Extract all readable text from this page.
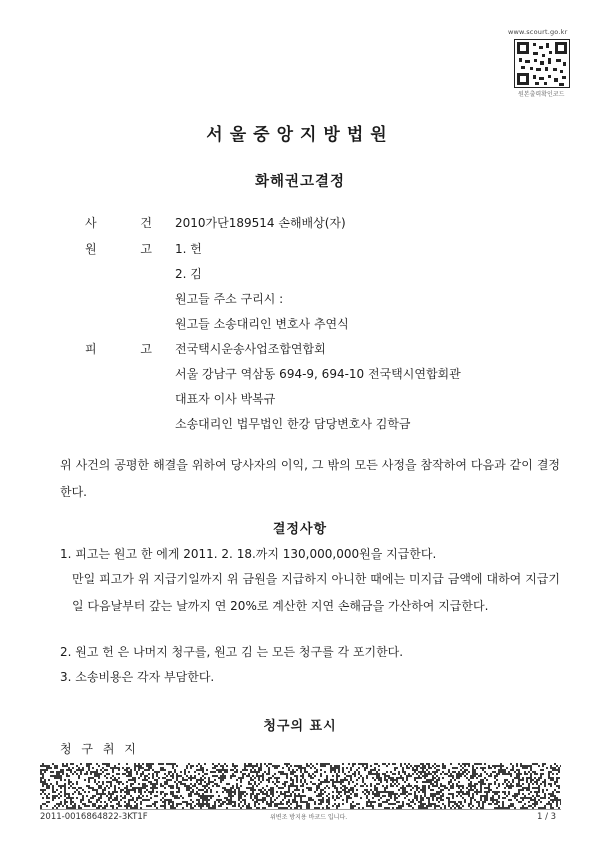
www.scourt.go.kr
원본출력확인코드
서울중앙지방법원
화해권고결정
사 건 2010가단189514 손해배상(자)
원 고 1. 헌
2. 김
원고들 주소 구리시 :
원고들 소송대리인 변호사 추연식
피 고 전국택시운송사업조합연합회
서울 강남구 역삼동 694-9, 694-10 전국택시연합회관
대표자 이사 박복규
소송대리인 법무법인 한강 담당변호사 김학금
위 사건의 공평한 해결을 위하여 당사자의 이익, 그 밖의 모든 사정을 참작하여 다음과 같이 결정한다.
결정사항
1. 피고는 원고 한 에게 2011. 2. 18.까지 130,000,000원을 지급한다.
만일 피고가 위 지급기일까지 위 금원을 지급하지 아니한 때에는 미지급 금액에 대하여 지급기일 다음날부터 갚는 날까지 연 20%로 계산한 지연 손해금을 가산하여 지급한다.
2. 원고 헌 은 나머지 청구를, 원고 김 는 모든 청구를 각 포기한다.
3. 소송비용은 각자 부담한다.
청구의 표시
청 구 취 지
2011-0016864822-3KT1F	위변조 방지용 바코드 입니다.	1 / 3
